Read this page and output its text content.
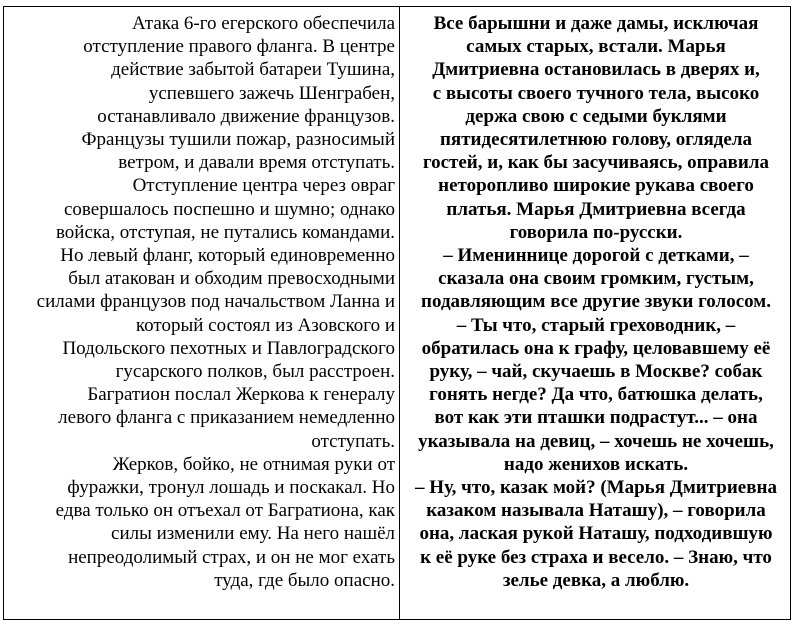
Атака 6-го егерского обеспечила
отступление правого фланга. В центре
действие забытой батареи Тушина,
успевшего зажечь Шенграбен,
останавливало движение французов.
Французы тушили пожар, разносимый
ветром, и давали время отступать.
Отступление центра через овраг
совершалось поспешно и шумно; однако
войска, отступая, не путались командами.
Но левый фланг, который единовременно
был атакован и обходим превосходными
силами французов под начальством Ланна и
который состоял из Азовского и
Подольского пехотных и Павлоградского
гусарского полков, был расстроен.
Багратион послал Жеркова к генералу
левого фланга с приказанием немедленно
отступать.
Жерков, бойко, не отнимая руки от
фуражки, тронул лошадь и поскакал. Но
едва только он отъехал от Багратиона, как
силы изменили ему. На него нашёл
непреодолимый страх, и он не мог ехать
туда, где было опасно.
Все барышни и даже дамы, исключая
самых старых, встали. Марья
Дмитриевна остановилась в дверях и,
с высоты своего тучного тела, высоко
держа свою с седыми буклями
пятидесятилетнюю голову, оглядела
гостей, и, как бы засучиваясь, оправила
неторопливо широкие рукава своего
платья. Марья Дмитриевна всегда
говорила по-русски.
– Имениннице дорогой с детками, –
сказала она своим громким, густым,
подавляющим все другие звуки голосом.
– Ты что, старый греховодник, –
обратилась она к графу, целовавшему её
руку, – чай, скучаешь в Москве? собак
гонять негде? Да что, батюшка делать,
вот как эти пташки подрастут... – она
указывала на девиц, – хочешь не хочешь,
надо женихов искать.
– Ну, что, казак мой? (Марья Дмитриевна
казаком называла Наташу), – говорила
она, лаская рукой Наташу, подходившую
к её руке без страха и весело. – Знаю, что
зелье девка, а люблю.
